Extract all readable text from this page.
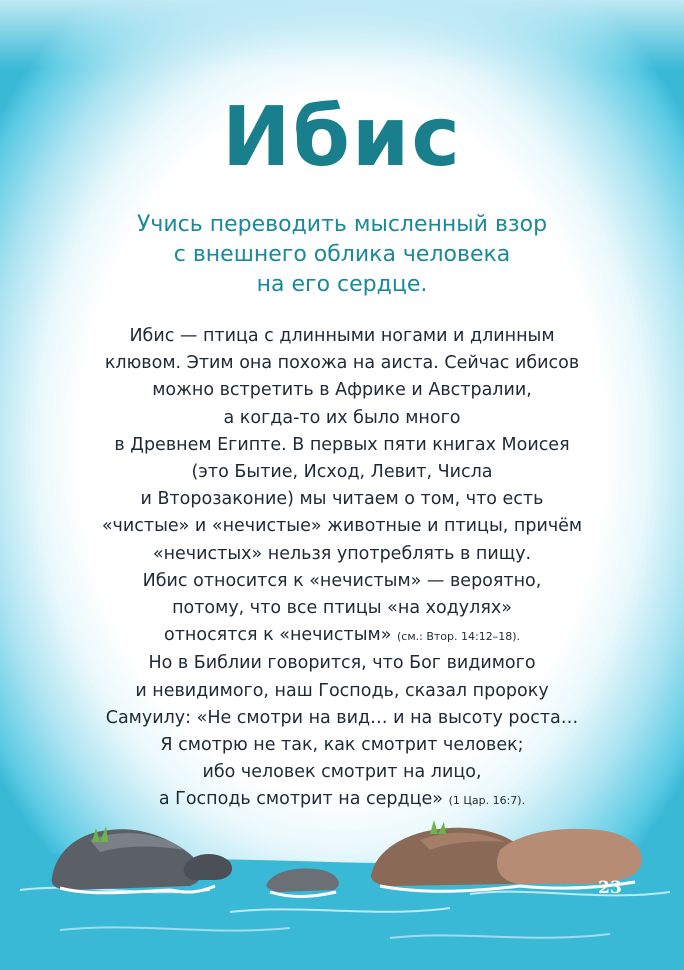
Ибис
Учись переводить мысленный взор
с внешнего облика человека
на его сердце.
Ибис — птица с длинными ногами и длинным
клювом. Этим она похожа на аиста. Сейчас ибисов
можно встретить в Африке и Австралии,
а когда-то их было много
в Древнем Египте. В первых пяти книгах Моисея
(это Бытие, Исход, Левит, Числа
и Второзаконие) мы читаем о том, что есть
«чистые» и «нечистые» животные и птицы, причём
«нечистых» нельзя употреблять в пищу.
Ибис относится к «нечистым» — вероятно,
потому, что все птицы «на ходулях»
относятся к «нечистым» (см.: Втор. 14:12–18).
Но в Библии говорится, что Бог видимого
и невидимого, наш Господь, сказал пророку
Самуилу: «Не смотри на вид… и на высоту роста…
Я смотрю не так, как смотрит человек;
ибо человек смотрит на лицо,
а Господь смотрит на сердце» (1 Цар. 16:7).
23
